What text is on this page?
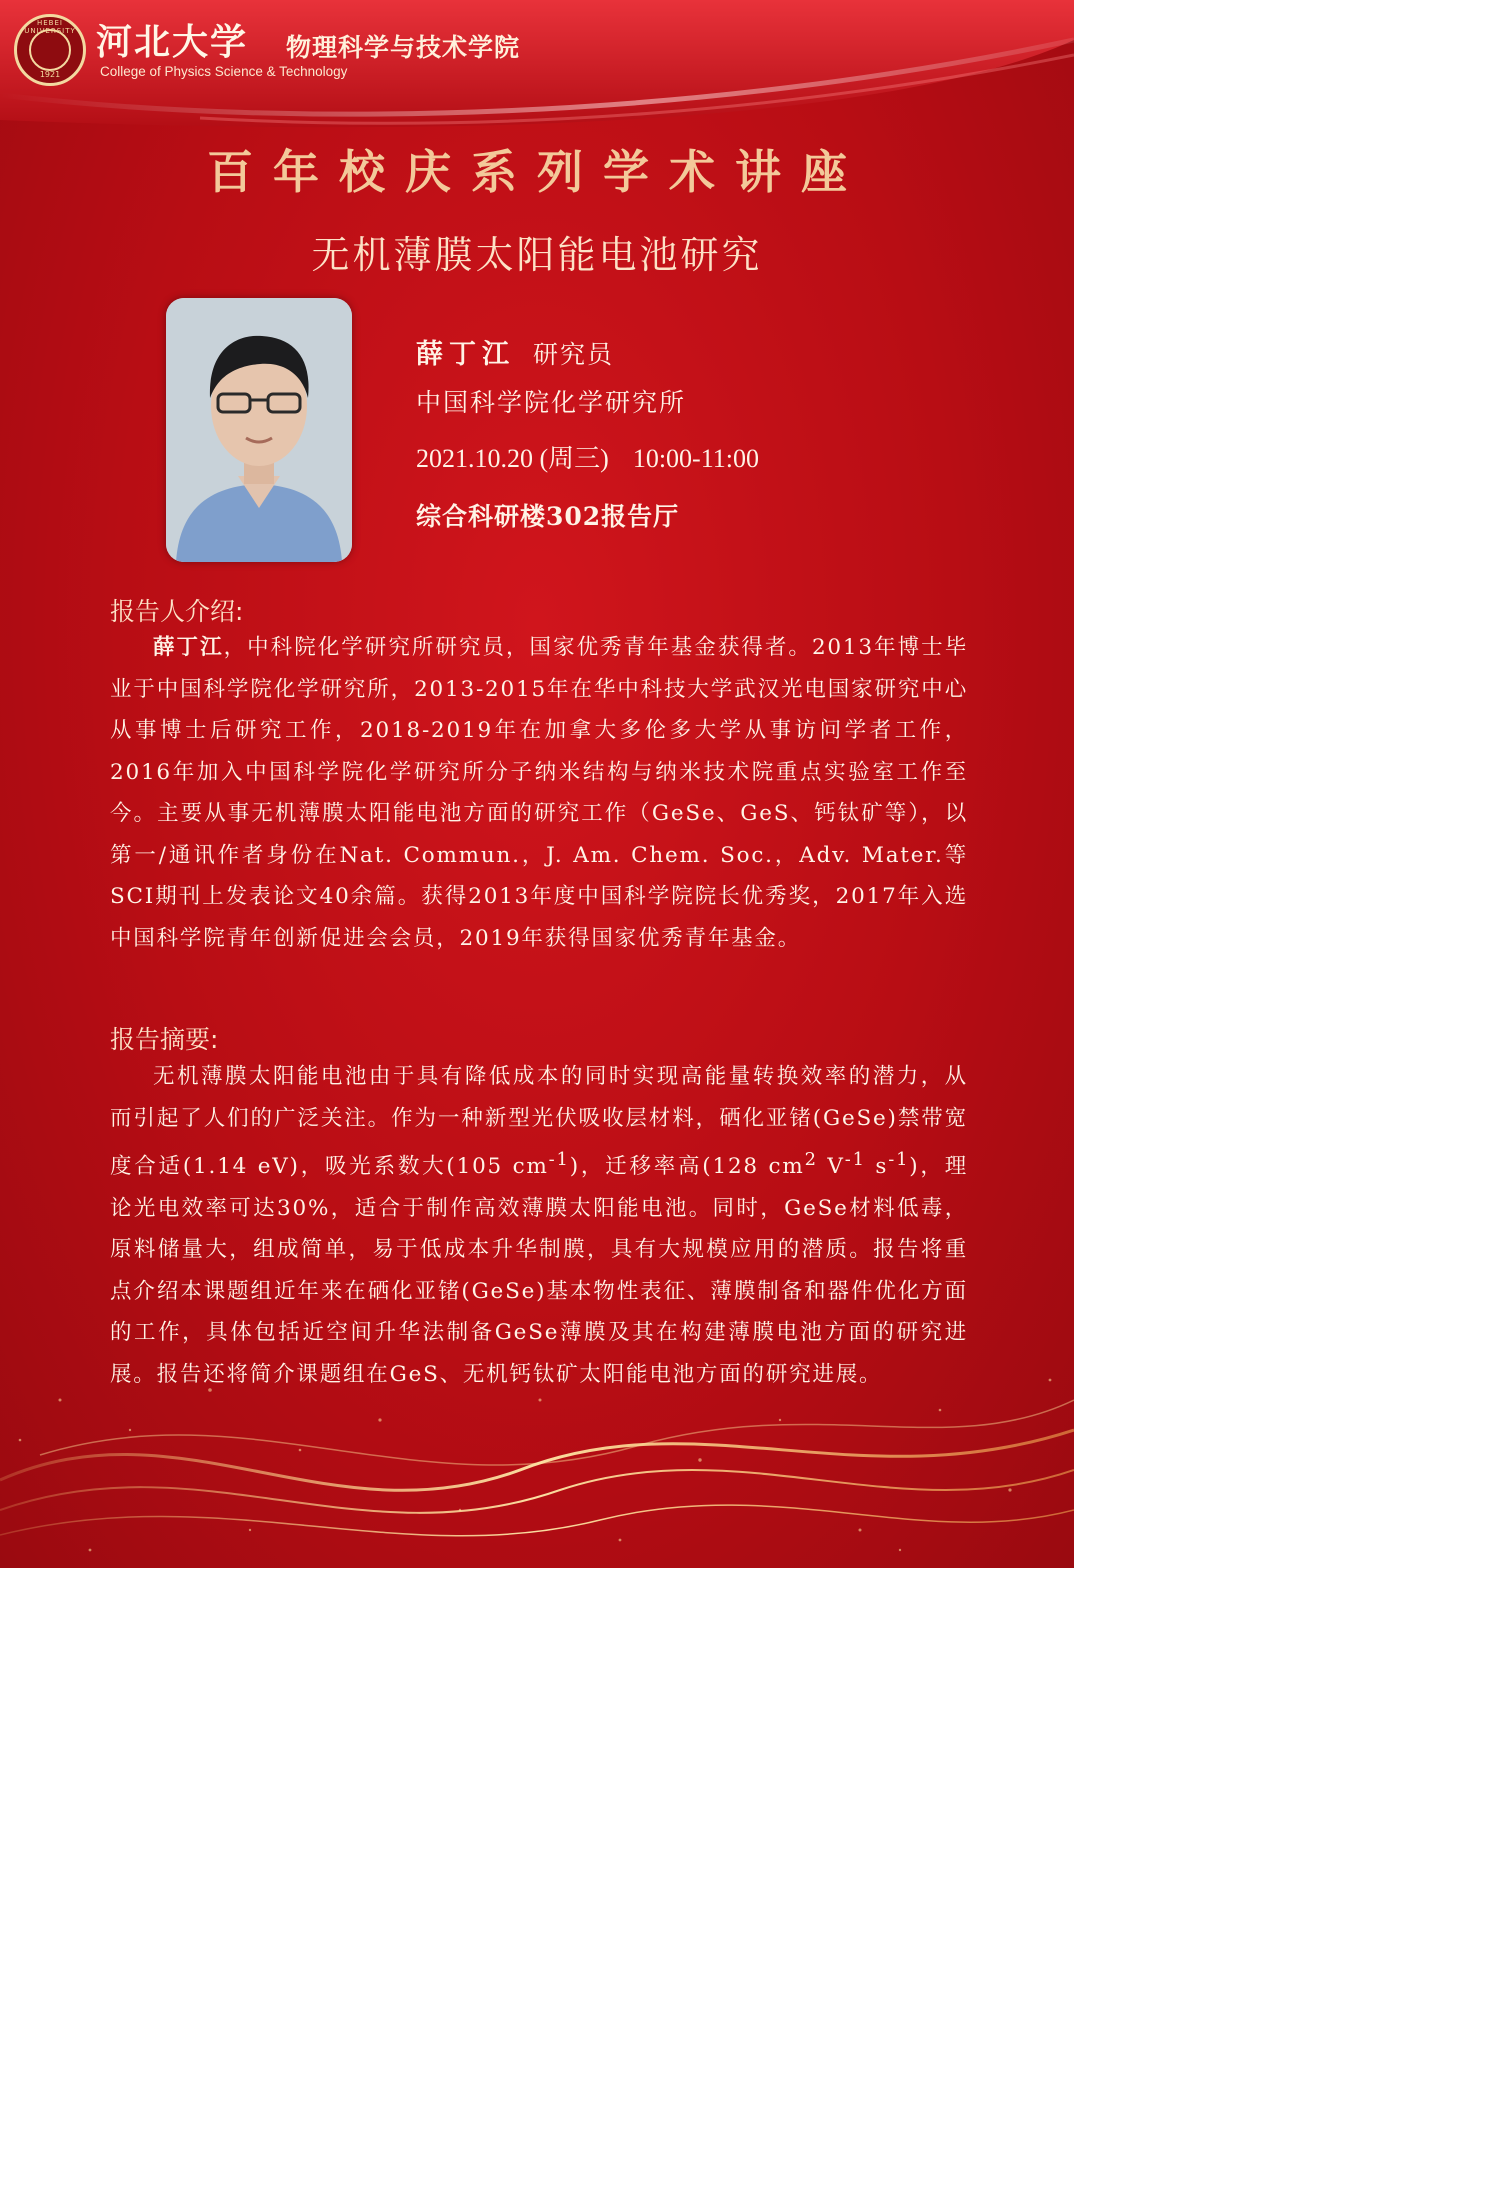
HEBEI UNIVERSITY
1921
河北大学 物理科学与技术学院
College of Physics Science & Technology
百年校庆系列学术讲座
无机薄膜太阳能电池研究
薛丁江 研究员
中国科学院化学研究所
2021.10.20 (周三) 10:00-11:00
综合科研楼302报告厅
报告人介绍:
薛丁江，中科院化学研究所研究员，国家优秀青年基金获得者。2013年博士毕业于中国科学院化学研究所，2013-2015年在华中科技大学武汉光电国家研究中心从事博士后研究工作，2018-2019年在加拿大多伦多大学从事访问学者工作，2016年加入中国科学院化学研究所分子纳米结构与纳米技术院重点实验室工作至今。主要从事无机薄膜太阳能电池方面的研究工作（GeSe、GeS、钙钛矿等），以第一/通讯作者身份在Nat. Commun.，J. Am. Chem. Soc.，Adv. Mater.等SCI期刊上发表论文40余篇。获得2013年度中国科学院院长优秀奖，2017年入选中国科学院青年创新促进会会员，2019年获得国家优秀青年基金。
报告摘要:
无机薄膜太阳能电池由于具有降低成本的同时实现高能量转换效率的潜力，从而引起了人们的广泛关注。作为一种新型光伏吸收层材料，硒化亚锗(GeSe)禁带宽度合适(1.14 eV)，吸光系数大(105 $cm^{-1}$)，迁移率高(128 $cm^2$ $V^{-1}$ $s^{-1}$)，理论光电效率可达30%，适合于制作高效薄膜太阳能电池。同时，GeSe材料低毒，原料储量大，组成简单，易于低成本升华制膜，具有大规模应用的潜质。报告将重点介绍本课题组近年来在硒化亚锗(GeSe)基本物性表征、薄膜制备和器件优化方面的工作，具体包括近空间升华法制备GeSe薄膜及其在构建薄膜电池方面的研究进展。报告还将简介课题组在GeS、无机钙钛矿太阳能电池方面的研究进展。
